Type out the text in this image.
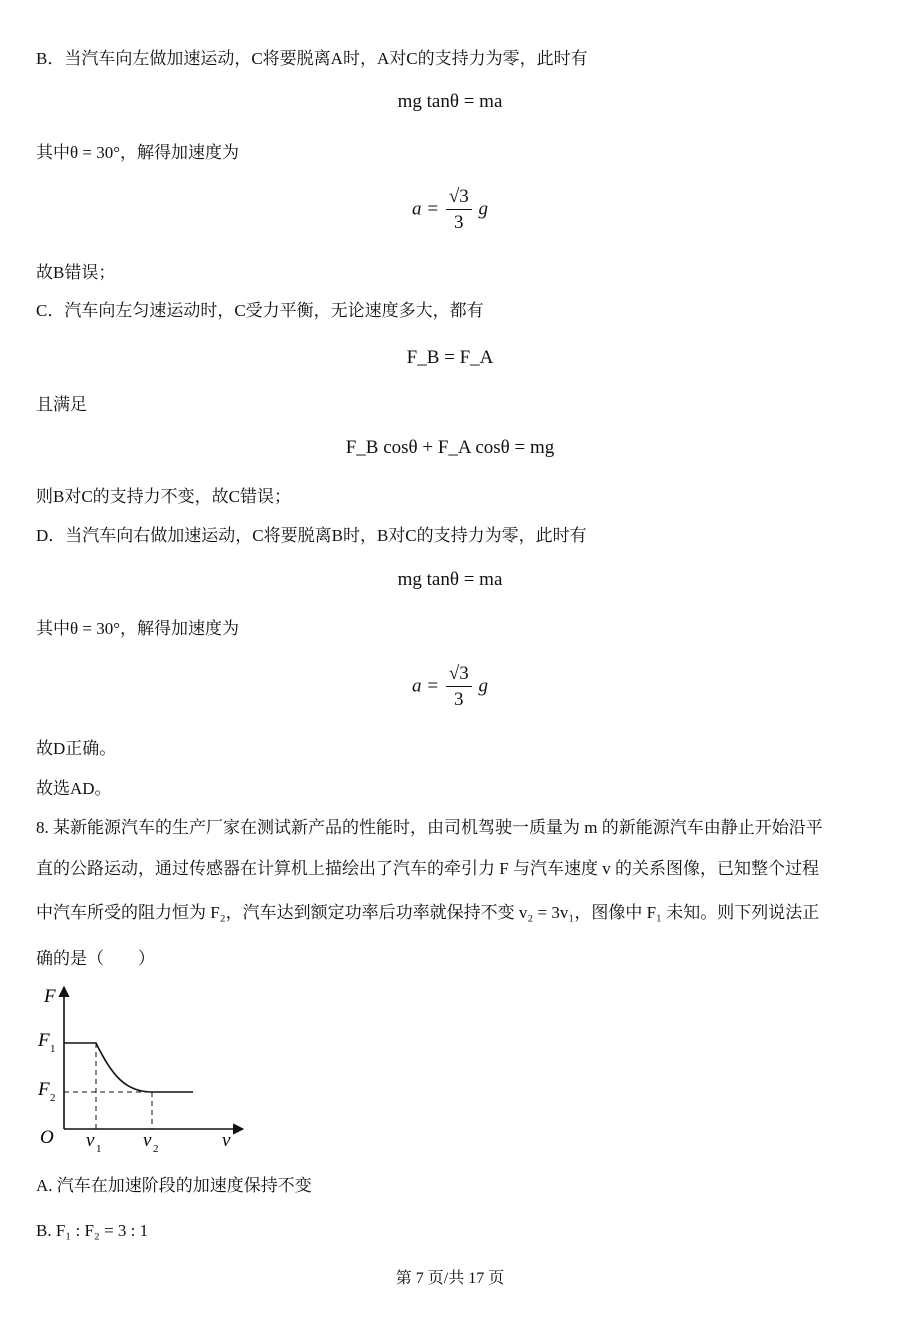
B．当汽车向左做加速运动，C将要脱离A时，A对C的支持力为零，此时有
mg tanθ = ma
其中θ = 30°，解得加速度为
$a = \frac{√3}{3}$ g
故B错误；
C．汽车向左匀速运动时，C受力平衡，无论速度多大，都有
F_B = F_A
且满足
F_B cosθ + F_A cosθ = mg
则B对C的支持力不变，故C错误；
D．当汽车向右做加速运动，C将要脱离B时，B对C的支持力为零，此时有
mg tanθ = ma
其中θ = 30°，解得加速度为
$a = \frac{√3}{3}$ g
故D正确。
故选AD。
8. 某新能源汽车的生产厂家在测试新产品的性能时，由司机驾驶一质量为 m 的新能源汽车由静止开始沿平
直的公路运动，通过传感器在计算机上描绘出了汽车的牵引力 F 与汽车速度 v 的关系图像，已知整个过程
中汽车所受的阻力恒为 F₂，汽车达到额定功率后功率就保持不变 v₂ = 3v₁，图像中 F₁ 未知。则下列说法正
确的是（　　）
F
F 1
F 2
O v 1 v 2	v
A. 汽车在加速阶段的加速度保持不变
B. F₁ : F₂ = 3 : 1
第 7 页/共 17 页
